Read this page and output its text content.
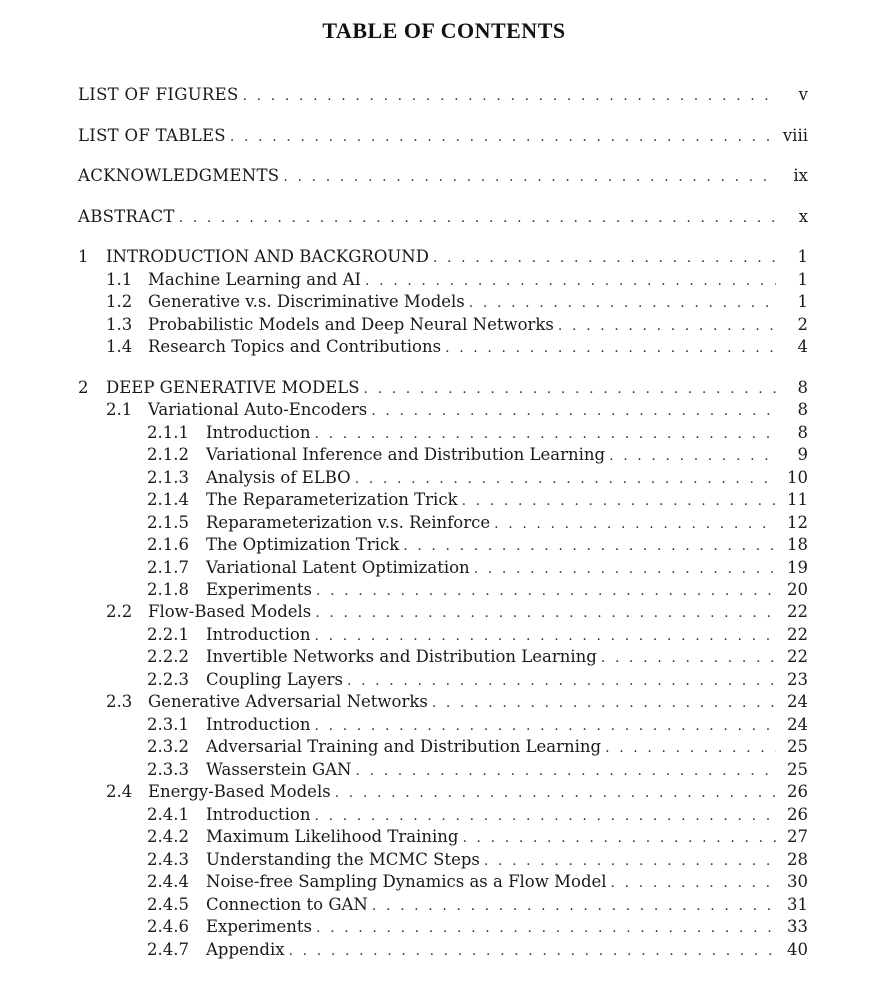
TABLE OF CONTENTS
LIST OF FIGURES . . .	v
LIST OF TABLES . . .	viii
ACKNOWLEDGMENTS . . .	ix
ABSTRACT . . .	x
1	INTRODUCTION AND BACKGROUND . . .	1
1.1 Machine Learning and AI . . .	1
1.2 Generative v.s. Discriminative Models . . .	1
1.3 Probabilistic Models and Deep Neural Networks . . .	2
1.4 Research Topics and Contributions . . .	4
2	DEEP GENERATIVE MODELS . . .	8
2.1 Variational Auto-Encoders . . .	8
2.1.1	Introduction . . .	8
2.1.2	Variational Inference and Distribution Learning . . .	9
2.1.3	Analysis of ELBO . . .	10
2.1.4	The Reparameterization Trick . . .	11
2.1.5	Reparameterization v.s. Reinforce . . .	12
2.1.6	The Optimization Trick . . .	18
2.1.7	Variational Latent Optimization . . .	19
2.1.8	Experiments . . .	20
2.2 Flow-Based Models . . .	22
2.2.1	Introduction . . .	22
2.2.2	Invertible Networks and Distribution Learning . . .	22
2.2.3	Coupling Layers . . .	23
2.3 Generative Adversarial Networks . . .	24
2.3.1	Introduction . . .	24
2.3.2	Adversarial Training and Distribution Learning . . .	25
2.3.3	Wasserstein GAN . . .	25
2.4 Energy-Based Models . . .	26
2.4.1	Introduction . . .	26
2.4.2	Maximum Likelihood Training . . .	27
2.4.3	Understanding the MCMC Steps . . .	28
2.4.4	Noise-free Sampling Dynamics as a Flow Model . . .	30
2.4.5	Connection to GAN . . .	31
2.4.6	Experiments . . .	33
2.4.7	Appendix . . .	40
